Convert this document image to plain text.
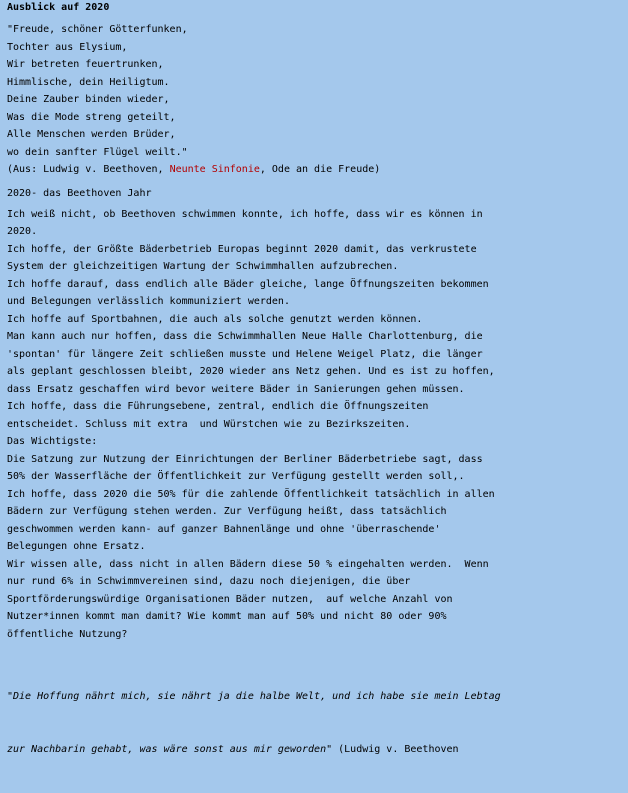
Ausblick auf 2020
"Freude, schöner Götterfunken,
Tochter aus Elysium,
Wir betreten feuertrunken,
Himmlische, dein Heiligtum.
Deine Zauber binden wieder,
Was die Mode streng geteilt,
Alle Menschen werden Brüder,
wo dein sanfter Flügel weilt."
(Aus: Ludwig v. Beethoven, Neunte Sinfonie, Ode an die Freude)
2020- das Beethoven Jahr
Ich weiß nicht, ob Beethoven schwimmen konnte, ich hoffe, dass wir es können in
2020.
Ich hoffe, der Größte Bäderbetrieb Europas beginnt 2020 damit, das verkrustete
System der gleichzeitigen Wartung der Schwimmhallen aufzubrechen.
Ich hoffe darauf, dass endlich alle Bäder gleiche, lange Öffnungszeiten bekommen
und Belegungen verlässlich kommuniziert werden.
Ich hoffe auf Sportbahnen, die auch als solche genutzt werden können.
Man kann auch nur hoffen, dass die Schwimmhallen Neue Halle Charlottenburg, die
'spontan' für längere Zeit schließen musste und Helene Weigel Platz, die länger
als geplant geschlossen bleibt, 2020 wieder ans Netz gehen. Und es ist zu hoffen,
dass Ersatz geschaffen wird bevor weitere Bäder in Sanierungen gehen müssen.
Ich hoffe, dass die Führungsebene, zentral, endlich die Öffnungszeiten
entscheidet. Schluss mit extra  und Würstchen wie zu Bezirkszeiten.
Das Wichtigste:
Die Satzung zur Nutzung der Einrichtungen der Berliner Bäderbetriebe sagt, dass
50% der Wasserfläche der Öffentlichkeit zur Verfügung gestellt werden soll,.
Ich hoffe, dass 2020 die 50% für die zahlende Öffentlichkeit tatsächlich in allen
Bädern zur Verfügung stehen werden. Zur Verfügung heißt, dass tatsächlich
geschwommen werden kann- auf ganzer Bahnenlänge und ohne 'überraschende'
Belegungen ohne Ersatz.
Wir wissen alle, dass nicht in allen Bädern diese 50 % eingehalten werden.  Wenn
nur rund 6% in Schwimmvereinen sind, dazu noch diejenigen, die über
Sportförderungswürdige Organisationen Bäder nutzen,  auf welche Anzahl von
Nutzer*innen kommt man damit? Wie kommt man auf 50% und nicht 80 oder 90%
öffentliche Nutzung?

"Die Hoffung nährt mich, sie nährt ja die halbe Welt, und ich habe sie mein Lebtag

zur Nachbarin gehabt, was wäre sonst aus mir geworden" (Ludwig v. Beethoven
